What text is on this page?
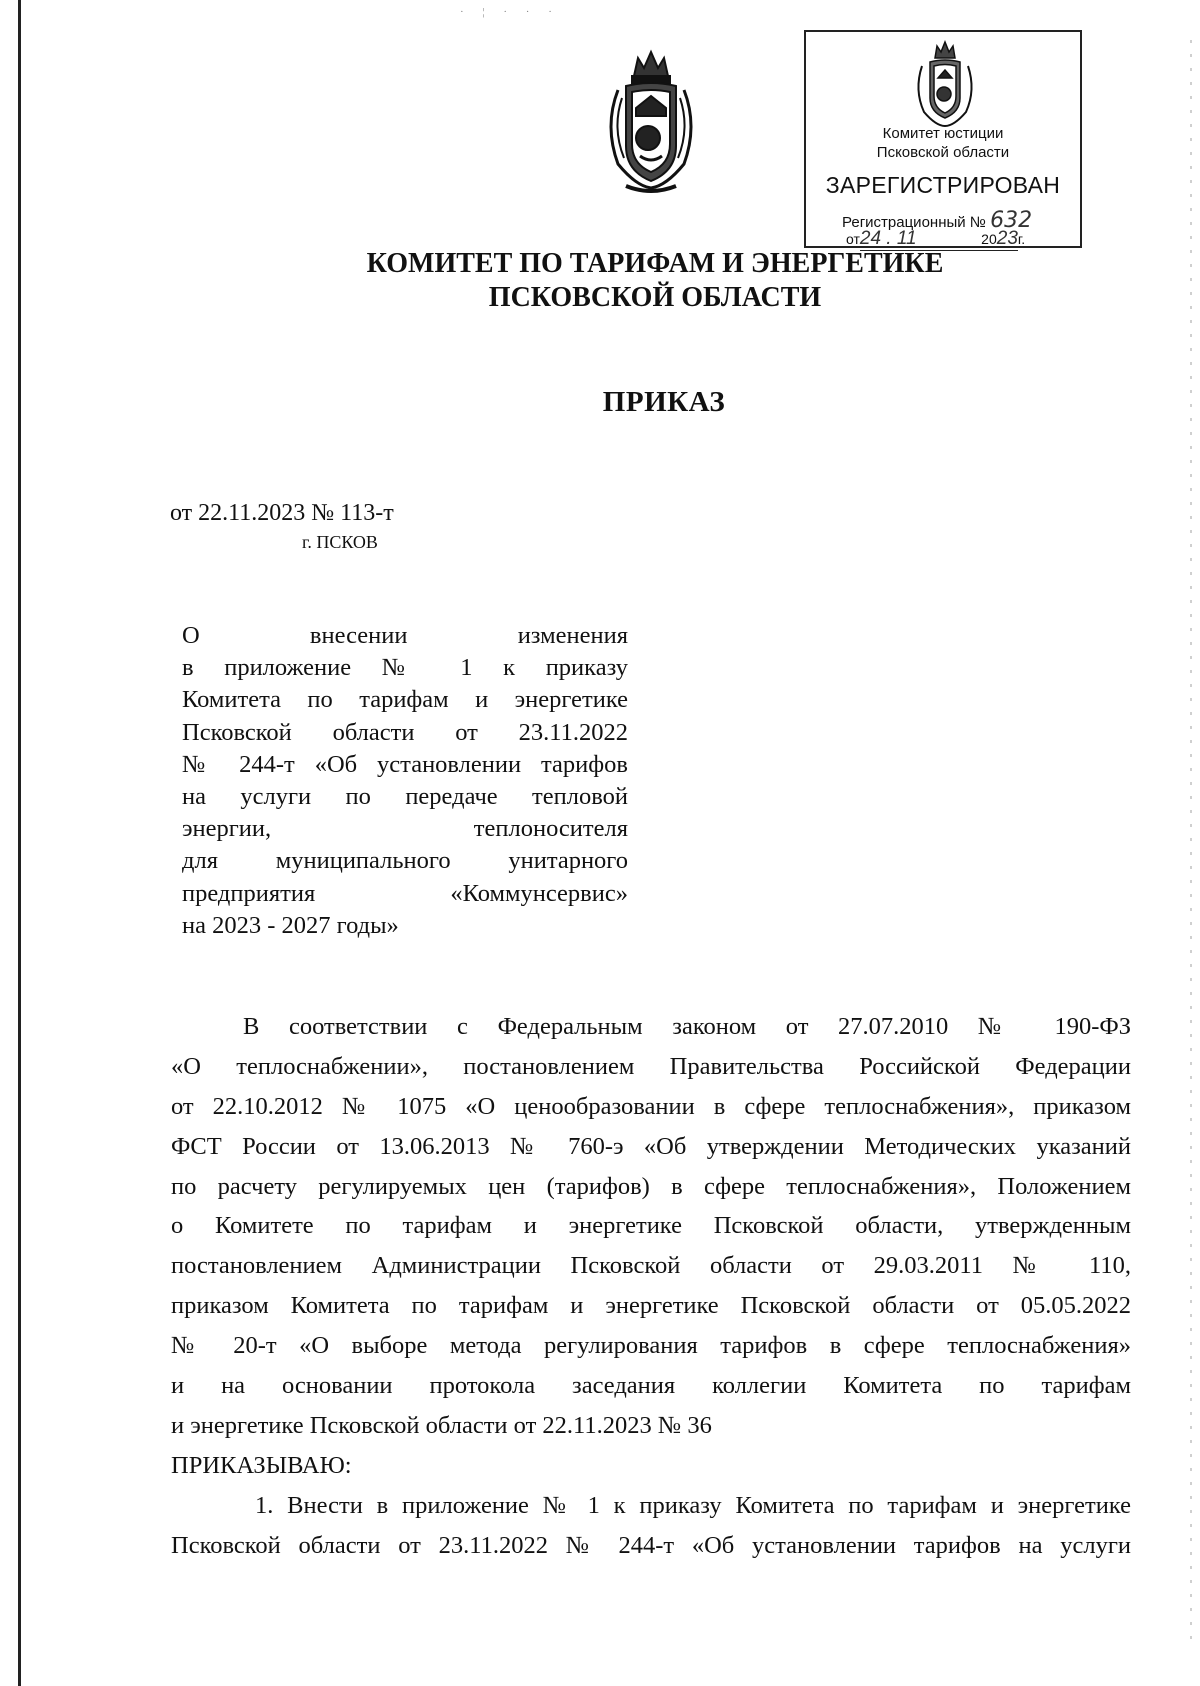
· ¦ · · ·
Комитет юстиции
Псковской области
ЗАРЕГИСТРИРОВАН
Регистрационный № 632
от24 . 11	2023г.
КОМИТЕТ ПО ТАРИФАМ И ЭНЕРГЕТИКЕ
ПСКОВСКОЙ ОБЛАСТИ
ПРИКАЗ
от 22.11.2023 № 113-т
г. ПСКОВ
О внесении изменения
в приложение № 1 к приказу
Комитета по тарифам и энергетике
Псковской области от 23.11.2022
№ 244-т «Об установлении тарифов
на услуги по передаче тепловой
энергии, теплоносителя
для муниципального унитарного
предприятия «Коммунсервис»
на 2023 - 2027 годы»
В соответствии с Федеральным законом от 27.07.2010 № 190-ФЗ
«О теплоснабжении», постановлением Правительства Российской Федерации
от 22.10.2012 № 1075 «О ценообразовании в сфере теплоснабжения», приказом
ФСТ России от 13.06.2013 № 760-э «Об утверждении Методических указаний
по расчету регулируемых цен (тарифов) в сфере теплоснабжения», Положением
о Комитете по тарифам и энергетике Псковской области, утвержденным
постановлением Администрации Псковской области от 29.03.2011 № 110,
приказом Комитета по тарифам и энергетике Псковской области от 05.05.2022
№ 20-т «О выборе метода регулирования тарифов в сфере теплоснабжения»
и на основании протокола заседания коллегии Комитета по тарифам
и энергетике Псковской области от 22.11.2023 № 36
ПРИКАЗЫВАЮ:
1. Внести в приложение № 1 к приказу Комитета по тарифам и энергетике
Псковской области от 23.11.2022 № 244-т «Об установлении тарифов на услуги
